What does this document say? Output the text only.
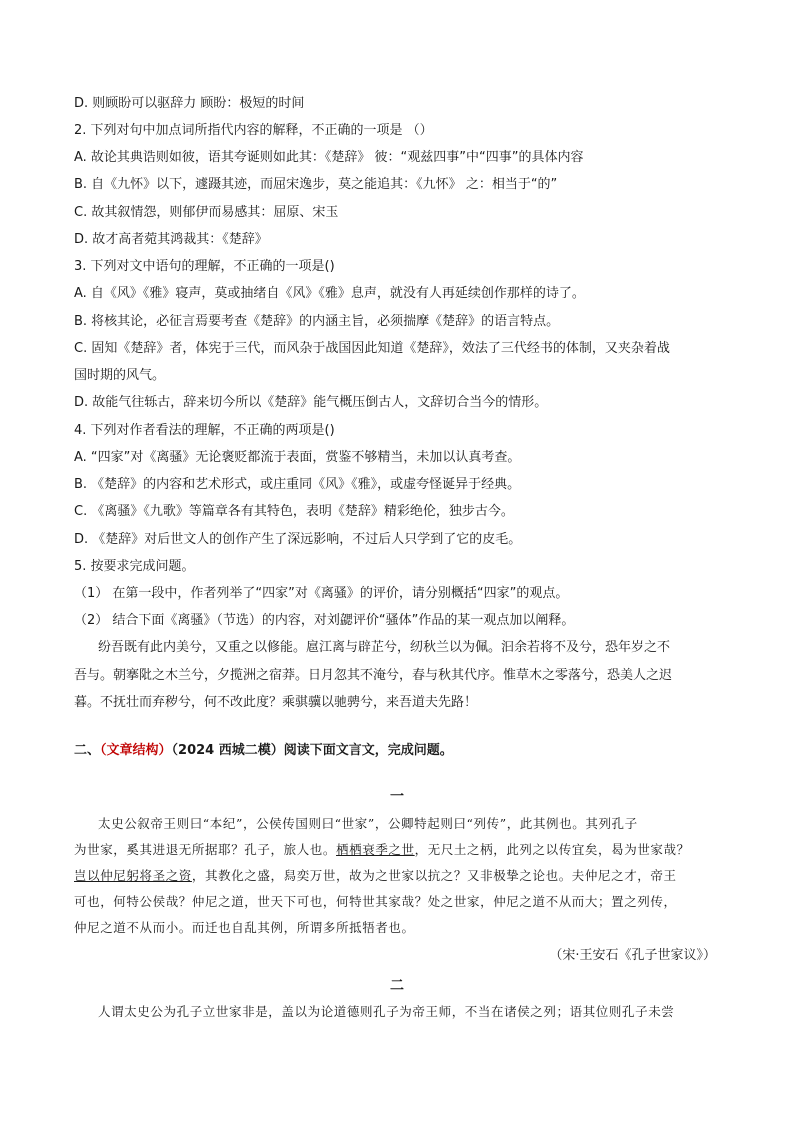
D. 则顾盼可以驱辞力 顾盼：极短的时间
2. 下列对句中加点词所指代内容的解释，不正确的一项是 （）
A. 故论其典诰则如彼，语其夸诞则如此其：《楚辞》 彼：“观兹四事”中“四事”的具体内容
B. 自《九怀》以下，遽蹑其迹，而屈宋逸步，莫之能追其：《九怀》 之：相当于“的”
C. 故其叙情怨，则郁伊而易感其：屈原、宋玉
D. 故才高者菀其鸿裁其：《楚辞》
3. 下列对文中语句的理解，不正确的一项是()
A. 自《风》《雅》寝声，莫或抽绪自《风》《雅》息声，就没有人再延续创作那样的诗了。
B. 将核其论，必征言焉要考查《楚辞》的内涵主旨，必须揣摩《楚辞》的语言特点。
C. 固知《楚辞》者，体宪于三代，而风杂于战国因此知道《楚辞》，效法了三代经书的体制，又夹杂着战
国时期的风气。
D. 故能气往轹古，辞来切今所以《楚辞》能气概压倒古人，文辞切合当今的情形。
4. 下列对作者看法的理解，不正确的两项是()
A. “四家”对《离骚》无论褒贬都流于表面，赏鉴不够精当，未加以认真考查。
B. 《楚辞》的内容和艺术形式，或庄重同《风》《雅》，或虚夸怪诞异于经典。
C. 《离骚》《九歌》等篇章各有其特色，表明《楚辞》精彩绝伦，独步古今。
D. 《楚辞》对后世文人的创作产生了深远影响，不过后人只学到了它的皮毛。
5. 按要求完成问题。
（1） 在第一段中，作者列举了“四家”对《离骚》的评价，请分别概括“四家”的观点。
（2） 结合下面《离骚》（节选）的内容，对刘勰评价“骚体”作品的某一观点加以阐释。
纷吾既有此内美兮，又重之以修能。扈江离与辟芷兮，纫秋兰以为佩。汩余若将不及兮，恐年岁之不
吾与。朝搴阰之木兰兮，夕揽洲之宿莽。日月忽其不淹兮，春与秋其代序。惟草木之零落兮，恐美人之迟
暮。不抚壮而弃秽兮，何不改此度？乘骐骥以驰骋兮，来吾道夫先路！
二、（文章结构）（2024 西城二模）阅读下面文言文，完成问题。
一
太史公叙帝王则曰“本纪”，公侯传国则曰“世家”，公卿特起则曰“列传”，此其例也。其列孔子
为世家，奚其进退无所据耶？孔子，旅人也。栖栖衰季之世，无尺土之柄，此列之以传宜矣，曷为世家哉？
岂以仲尼躬将圣之资，其教化之盛，舄奕万世，故为之世家以抗之？又非极挚之论也。夫仲尼之才，帝王
可也，何特公侯哉？仲尼之道，世天下可也，何特世其家哉？处之世家，仲尼之道不从而大；置之列传，
仲尼之道不从而小。而迁也自乱其例，所谓多所抵牾者也。
（宋·王安石《孔子世家议》）
二
人谓太史公为孔子立世家非是，盖以为论道德则孔子为帝王师，不当在诸侯之列；语其位则孔子未尝
